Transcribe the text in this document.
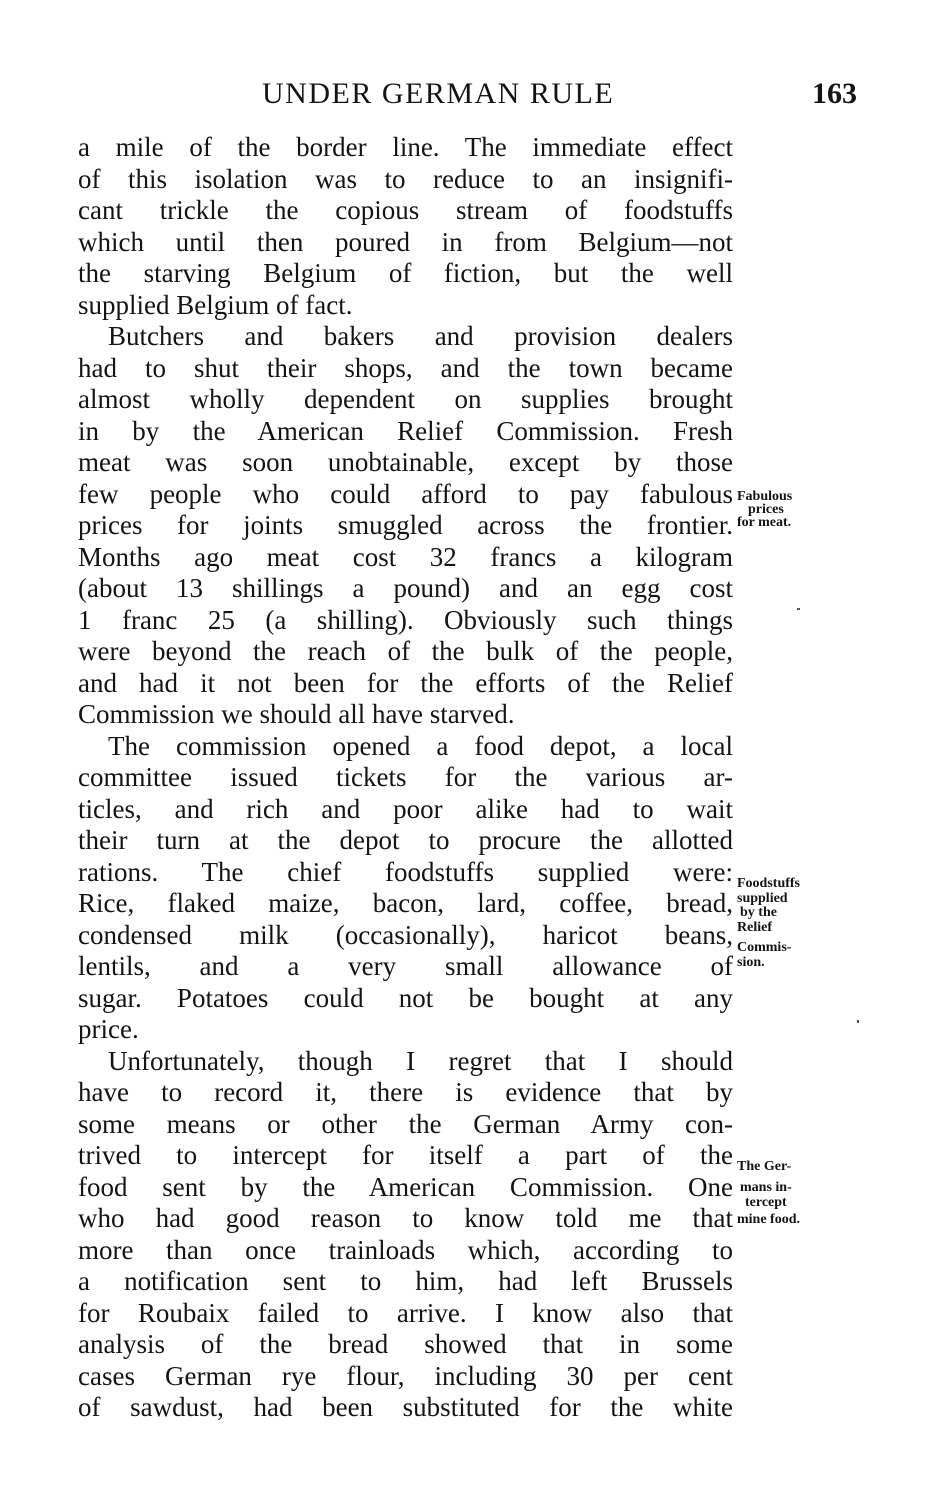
UNDER GERMAN RULE	163
a mile of the border line. The immediate effect
of this isolation was to reduce to an insignifi-
cant trickle the copious stream of foodstuffs
which until then poured in from Belgium—not
the starving Belgium of fiction, but the well
supplied Belgium of fact.
Butchers and bakers and provision dealers
had to shut their shops, and the town became
almost wholly dependent on supplies brought
in by the American Relief Commission. Fresh
meat was soon unobtainable, except by those
few people who could afford to pay fabulous
prices for joints smuggled across the frontier.
Months ago meat cost 32 francs a kilogram
(about 13 shillings a pound) and an egg cost
1 franc 25 (a shilling). Obviously such things
were beyond the reach of the bulk of the people,
and had it not been for the efforts of the Relief
Commission we should all have starved.
The commission opened a food depot, a local
committee issued tickets for the various ar-
ticles, and rich and poor alike had to wait
their turn at the depot to procure the allotted
rations. The chief foodstuffs supplied were:
Rice, flaked maize, bacon, lard, coffee, bread,
condensed milk (occasionally), haricot beans,
lentils, and a very small allowance of
sugar. Potatoes could not be bought at any
price.
Unfortunately, though I regret that I should
have to record it, there is evidence that by
some means or other the German Army con-
trived to intercept for itself a part of the
food sent by the American Commission. One
who had good reason to know told me that
more than once trainloads which, according to
a notification sent to him, had left Brussels
for Roubaix failed to arrive. I know also that
analysis of the bread showed that in some
cases German rye flour, including 30 per cent
of sawdust, had been substituted for the white
Fabulous
prices
for meat.
Foodstuffs
supplied
by the
Relief
Commis-
sion.
The Ger-
mans in-
tercept
mine food.
